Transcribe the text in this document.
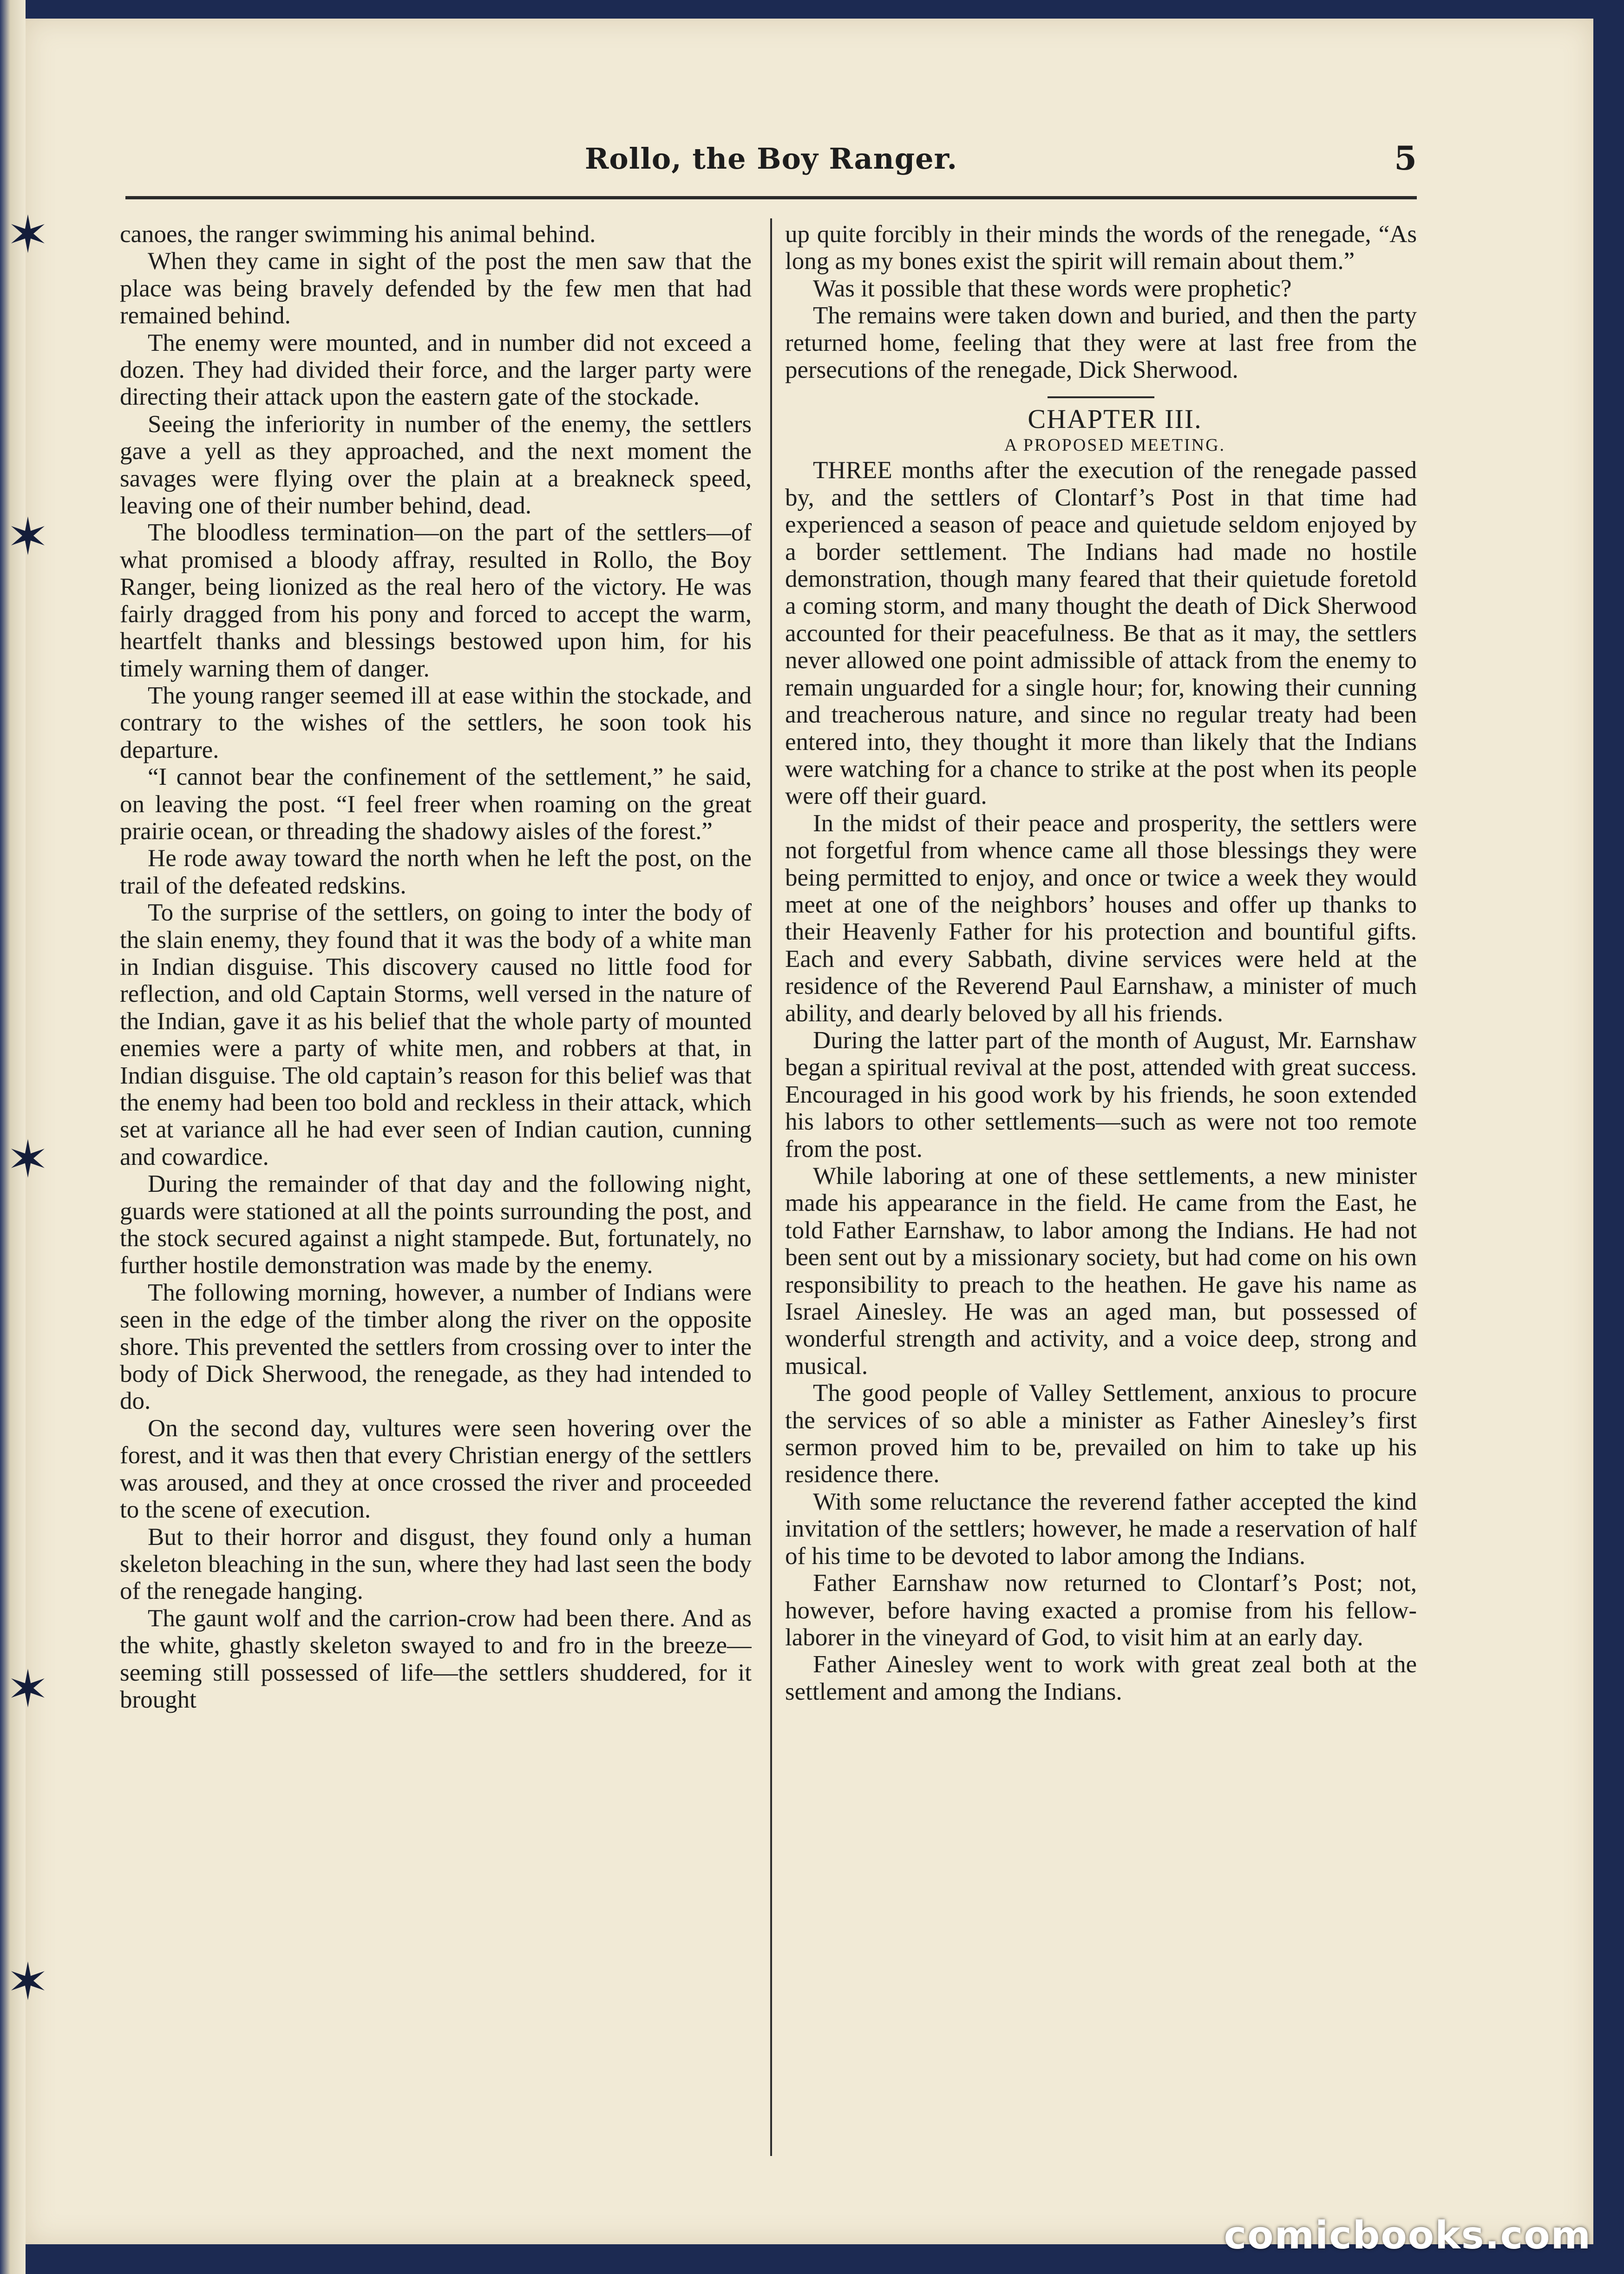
✶
✶
✶
✶
✶
Rollo, the Boy Ranger.	5

canoes, the ranger swimming his animal behind.

When they came in sight of the post the men saw that the place was being bravely defended by the few men that had remained behind.

The enemy were mounted, and in number did not exceed a dozen. They had divided their force, and the larger party were directing their attack upon the eastern gate of the stockade.

Seeing the inferiority in number of the enemy, the settlers gave a yell as they approached, and the next moment the savages were flying over the plain at a breakneck speed, leaving one of their number behind, dead.

The bloodless termination—on the part of the settlers—of what promised a bloody affray, resulted in Rollo, the Boy Ranger, being lionized as the real hero of the victory. He was fairly dragged from his pony and forced to accept the warm, heartfelt thanks and blessings bestowed upon him, for his timely warning them of danger.

The young ranger seemed ill at ease within the stockade, and contrary to the wishes of the settlers, he soon took his departure.

“I cannot bear the confinement of the settlement,” he said, on leaving the post. “I feel freer when roaming on the great prairie ocean, or threading the shadowy aisles of the forest.”

He rode away toward the north when he left the post, on the trail of the defeated redskins.

To the surprise of the settlers, on going to inter the body of the slain enemy, they found that it was the body of a white man in Indian disguise. This discovery caused no little food for reflection, and old Captain Storms, well versed in the nature of the Indian, gave it as his belief that the whole party of mounted enemies were a party of white men, and robbers at that, in Indian disguise. The old captain’s reason for this belief was that the enemy had been too bold and reckless in their attack, which set at variance all he had ever seen of Indian caution, cunning and cowardice.

During the remainder of that day and the following night, guards were stationed at all the points surrounding the post, and the stock secured against a night stampede. But, fortunately, no further hostile demonstration was made by the enemy.

The following morning, however, a number of Indians were seen in the edge of the timber along the river on the opposite shore. This prevented the settlers from crossing over to inter the body of Dick Sherwood, the renegade, as they had intended to do.

On the second day, vultures were seen hovering over the forest, and it was then that every Christian energy of the settlers was aroused, and they at once crossed the river and proceeded to the scene of execution.

But to their horror and disgust, they found only a human skeleton bleaching in the sun, where they had last seen the body of the renegade hanging.

The gaunt wolf and the carrion-crow had been there. And as the white, ghastly skeleton swayed to and fro in the breeze—seeming still possessed of life—the settlers shuddered, for it brought

up quite forcibly in their minds the words of the renegade, “As long as my bones exist the spirit will remain about them.”

Was it possible that these words were prophetic?

The remains were taken down and buried, and then the party returned home, feeling that they were at last free from the persecutions of the renegade, Dick Sherwood.

CHAPTER III.

A PROPOSED MEETING.

THREE months after the execution of the renegade passed by, and the settlers of Clontarf’s Post in that time had experienced a season of peace and quietude seldom enjoyed by a border settlement. The Indians had made no hostile demonstration, though many feared that their quietude foretold a coming storm, and many thought the death of Dick Sherwood accounted for their peacefulness. Be that as it may, the settlers never allowed one point admissible of attack from the enemy to remain unguarded for a single hour; for, knowing their cunning and treacherous nature, and since no regular treaty had been entered into, they thought it more than likely that the Indians were watching for a chance to strike at the post when its people were off their guard.

In the midst of their peace and prosperity, the settlers were not forgetful from whence came all those blessings they were being permitted to enjoy, and once or twice a week they would meet at one of the neighbors’ houses and offer up thanks to their Heavenly Father for his protection and bountiful gifts. Each and every Sabbath, divine services were held at the residence of the Reverend Paul Earnshaw, a minister of much ability, and dearly beloved by all his friends.

During the latter part of the month of August, Mr. Earnshaw began a spiritual revival at the post, attended with great success. Encouraged in his good work by his friends, he soon extended his labors to other settlements—such as were not too remote from the post.

While laboring at one of these settlements, a new minister made his appearance in the field. He came from the East, he told Father Earnshaw, to labor among the Indians. He had not been sent out by a missionary society, but had come on his own responsibility to preach to the heathen. He gave his name as Israel Ainesley. He was an aged man, but possessed of wonderful strength and activity, and a voice deep, strong and musical.

The good people of Valley Settlement, anxious to procure the services of so able a minister as Father Ainesley’s first sermon proved him to be, prevailed on him to take up his residence there.

With some reluctance the reverend father accepted the kind invitation of the settlers; however, he made a reservation of half of his time to be devoted to labor among the Indians.

Father Earnshaw now returned to Clontarf’s Post; not, however, before having exacted a promise from his fellow-laborer in the vineyard of God, to visit him at an early day.

Father Ainesley went to work with great zeal both at the settlement and among the Indians.

comicbooks.com
